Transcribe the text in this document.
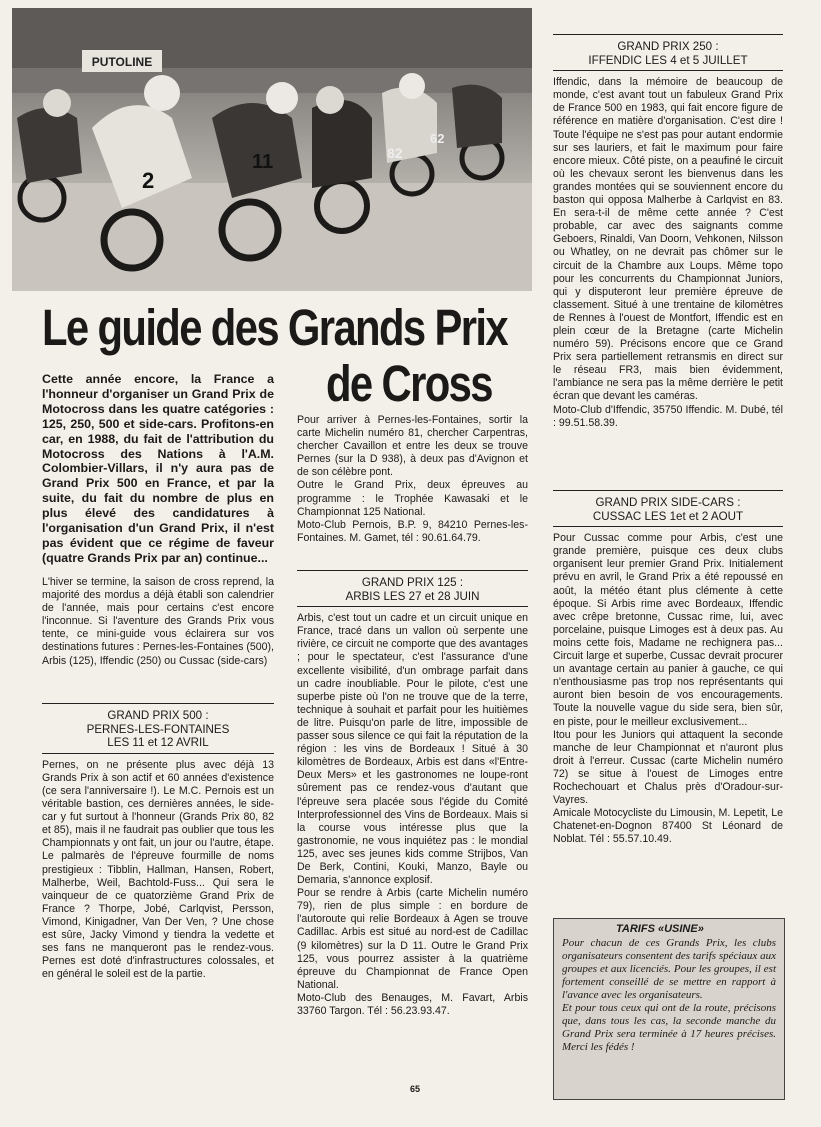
PUTOLINE
2
11	82
62
Le guide des Grands Prix
de Cross
Cette année encore, la France a l'honneur d'organiser un Grand Prix de Motocross dans les quatre catégories : 125, 250, 500 et side-cars. Profitons-en car, en 1988, du fait de l'attribution du Motocross des Nations à l'A.M. Colombier-Villars, il n'y aura pas de Grand Prix 500 en France, et par la suite, du fait du nombre de plus en plus élevé des candidatures à l'organisation d'un Grand Prix, il n'est pas évident que ce régime de faveur (quatre Grands Prix par an) continue...
L'hiver se termine, la saison de cross reprend, la majorité des mordus a déjà établi son calendrier de l'année, mais pour certains c'est encore l'inconnue. Si l'aventure des Grands Prix vous tente, ce mini-guide vous éclairera sur vos destinations futures : Pernes-les-Fontaines (500), Arbis (125), Iffendic (250) ou Cussac (side-cars)
GRAND PRIX 500 :
PERNES-LES-FONTAINES
LES 11 et 12 AVRIL
Pernes, on ne présente plus avec déjà 13 Grands Prix à son actif et 60 années d'existence (ce sera l'anniversaire !). Le M.C. Pernois est un véritable bastion, ces dernières années, le side-car y fut surtout à l'honneur (Grands Prix 80, 82 et 85), mais il ne faudrait pas oublier que tous les Championnats y ont fait, un jour ou l'autre, étape. Le palmarès de l'épreuve fourmille de noms prestigieux : Tibblin, Hallman, Hansen, Robert, Malherbe, Weil, Bachtold-Fuss... Qui sera le vainqueur de ce quatorzième Grand Prix de France ? Thorpe, Jobé, Carlqvist, Persson, Vimond, Kinigadner, Van Der Ven, ? Une chose est sûre, Jacky Vimond y tiendra la vedette et ses fans ne manqueront pas le rendez-vous. Pernes est doté d'infrastructures colossales, et en général le soleil est de la partie.
Pour arriver à Pernes-les-Fontaines, sortir la carte Michelin numéro 81, chercher Carpentras, chercher Cavaillon et entre les deux se trouve Pernes (sur la D 938), à deux pas d'Avignon et de son célèbre pont.
Outre le Grand Prix, deux épreuves au programme : le Trophée Kawasaki et le Championnat 125 National.
Moto-Club Pernois, B.P. 9, 84210 Pernes-les-Fontaines. M. Gamet, tél : 90.61.64.79.
GRAND PRIX 125 :
ARBIS LES 27 et 28 JUIN
Arbis, c'est tout un cadre et un circuit unique en France, tracé dans un vallon où serpente une rivière, ce circuit ne comporte que des avantages ; pour le spectateur, c'est l'assurance d'une excellente visibilité, d'un ombrage parfait dans un cadre inoubliable. Pour le pilote, c'est une superbe piste où l'on ne trouve que de la terre, technique à souhait et parfait pour les huitièmes de litre. Puisqu'on parle de litre, impossible de passer sous silence ce qui fait la réputation de la région : les vins de Bordeaux ! Situé à 30 kilomètres de Bordeaux, Arbis est dans «l'Entre-Deux Mers» et les gastronomes ne loupe-ront sûrement pas ce rendez-vous d'autant que l'épreuve sera placée sous l'égide du Comité Interprofessionnel des Vins de Bordeaux. Mais si la course vous intéresse plus que la gastronomie, ne vous inquiétez pas : le mondial 125, avec ses jeunes kids comme Strijbos, Van De Berk, Contini, Kouki, Manzo, Bayle ou Demaria, s'annonce explosif.
Pour se rendre à Arbis (carte Michelin numéro 79), rien de plus simple : en bordure de l'autoroute qui relie Bordeaux à Agen se trouve Cadillac. Arbis est situé au nord-est de Cadillac (9 kilomètres) sur la D 11. Outre le Grand Prix 125, vous pourrez assister à la quatrième épreuve du Championnat de France Open National.
Moto-Club des Benauges, M. Favart, Arbis 33760 Targon. Tél : 56.23.93.47.
GRAND PRIX 250 :
IFFENDIC LES 4 et 5 JUILLET
Iffendic, dans la mémoire de beaucoup de monde, c'est avant tout un fabuleux Grand Prix de France 500 en 1983, qui fait encore figure de référence en matière d'organisation. C'est dire ! Toute l'équipe ne s'est pas pour autant endormie sur ses lauriers, et fait le maximum pour faire encore mieux. Côté piste, on a peaufiné le circuit où les chevaux seront les bienvenus dans les grandes montées qui se souviennent encore du baston qui opposa Malherbe à Carlqvist en 83. En sera-t-il de même cette année ? C'est probable, car avec des saignants comme Geboers, Rinaldi, Van Doorn, Vehkonen, Nilsson ou Whatley, on ne devrait pas chômer sur le circuit de la Chambre aux Loups. Même topo pour les concurrents du Championnat Juniors, qui y disputeront leur première épreuve de classement. Situé à une trentaine de kilomètres de Rennes à l'ouest de Montfort, Iffendic est en plein cœur de la Bretagne (carte Michelin numéro 59). Précisons encore que ce Grand Prix sera partiellement retransmis en direct sur le réseau FR3, mais bien évidemment, l'ambiance ne sera pas la même derrière le petit écran que devant les caméras.
Moto-Club d'Iffendic, 35750 Iffendic. M. Dubé, tél : 99.51.58.39.
GRAND PRIX SIDE-CARS :
CUSSAC LES 1et et 2 AOUT
Pour Cussac comme pour Arbis, c'est une grande première, puisque ces deux clubs organisent leur premier Grand Prix. Initialement prévu en avril, le Grand Prix a été repoussé en août, la météo étant plus clémente à cette époque. Si Arbis rime avec Bordeaux, Iffendic avec crêpe bretonne, Cussac rime, lui, avec porcelaine, puisque Limoges est à deux pas. Au moins cette fois, Madame ne rechignera pas... Circuit large et superbe, Cussac devrait procurer un avantage certain au panier à gauche, ce qui n'enthousiasme pas trop nos représentants qui auront bien besoin de vos encouragements. Toute la nouvelle vague du side sera, bien sûr, en piste, pour le meilleur exclusivement...
Itou pour les Juniors qui attaquent la seconde manche de leur Championnat et n'auront plus droit à l'erreur. Cussac (carte Michelin numéro 72) se situe à l'ouest de Limoges entre Rochechouart et Chalus près d'Oradour-sur-Vayres.
Amicale Motocycliste du Limousin, M. Lepetit, Le Chatenet-en-Dognon 87400 St Léonard de Noblat. Tél : 55.57.10.49.
TARIFS «USINE»
Pour chacun de ces Grands Prix, les clubs organisateurs consentent des tarifs spéciaux aux groupes et aux licenciés. Pour les groupes, il est fortement conseillé de se mettre en rapport à l'avance avec les organisateurs.
Et pour tous ceux qui ont de la route, précisons que, dans tous les cas, la seconde manche du Grand Prix sera terminée à 17 heures précises. Merci les fédés !
65
